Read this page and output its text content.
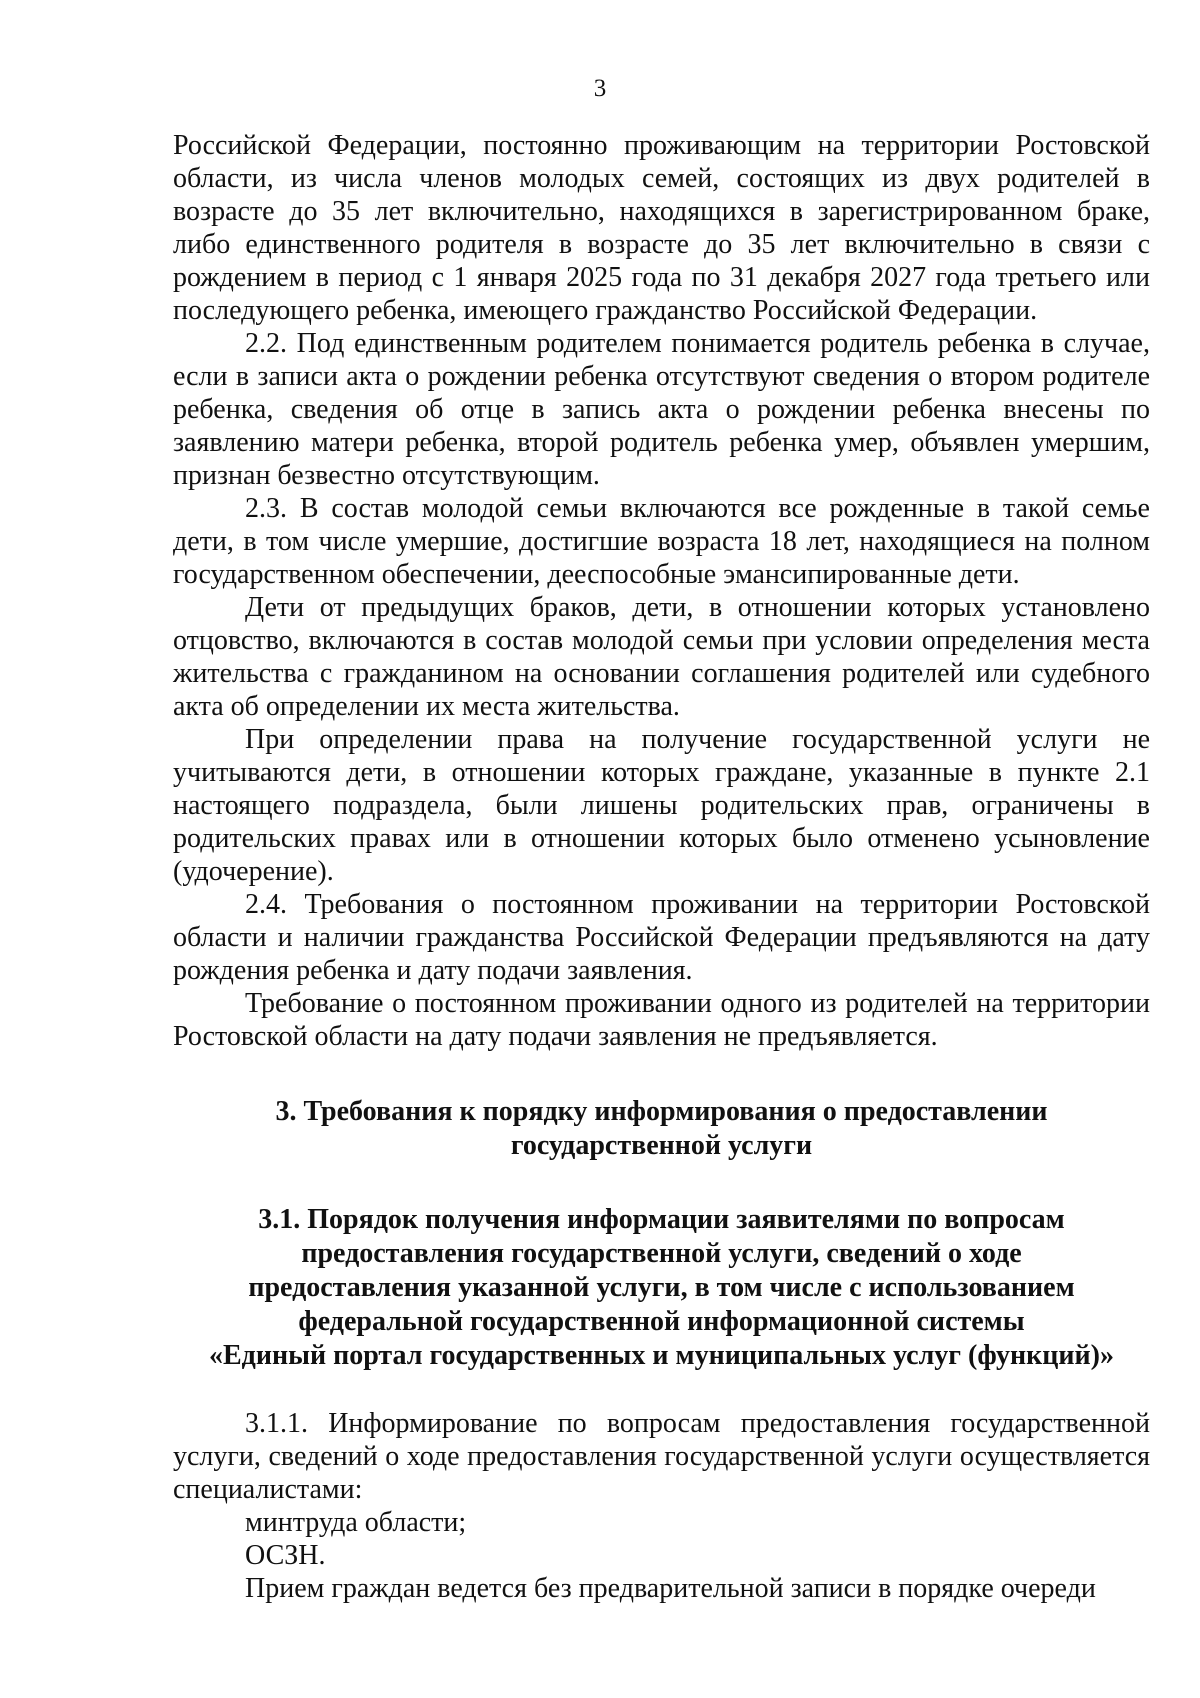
3

Российской Федерации, постоянно проживающим на территории Ростовской области, из числа членов молодых семей, состоящих из двух родителей в возрасте до 35 лет включительно, находящихся в зарегистрированном браке, либо единственного родителя в возрасте до 35 лет включительно в связи с рождением в период с 1 января 2025 года по 31 декабря 2027 года третьего или последующего ребенка, имеющего гражданство Российской Федерации.

2.2. Под единственным родителем понимается родитель ребенка в случае, если в записи акта о рождении ребенка отсутствуют сведения о втором родителе ребенка, сведения об отце в запись акта о рождении ребенка внесены по заявлению матери ребенка, второй родитель ребенка умер, объявлен умершим, признан безвестно отсутствующим.

2.3. В состав молодой семьи включаются все рожденные в такой семье дети, в том числе умершие, достигшие возраста 18 лет, находящиеся на полном государственном обеспечении, дееспособные эмансипированные дети.

Дети от предыдущих браков, дети, в отношении которых установлено отцовство, включаются в состав молодой семьи при условии определения места жительства с гражданином на основании соглашения родителей или судебного акта об определении их места жительства.

При определении права на получение государственной услуги не учитываются дети, в отношении которых граждане, указанные в пункте 2.1 настоящего подраздела, были лишены родительских прав, ограничены в родительских правах или в отношении которых было отменено усыновление (удочерение).

2.4. Требования о постоянном проживании на территории Ростовской области и наличии гражданства Российской Федерации предъявляются на дату рождения ребенка и дату подачи заявления.

Требование о постоянном проживании одного из родителей на территории Ростовской области на дату подачи заявления не предъявляется.

3. Требования к порядку информирования о предоставлении
государственной услуги
3.1. Порядок получения информации заявителями по вопросам
предоставления государственной услуги, сведений о ходе
предоставления указанной услуги, в том числе с использованием
федеральной государственной информационной системы
«Единый портал государственных и муниципальных услуг (функций)»

3.1.1. Информирование по вопросам предоставления государственной услуги, сведений о ходе предоставления государственной услуги осуществляется специалистами:

минтруда области;

ОСЗН.

Прием граждан ведется без предварительной записи в порядке очереди
